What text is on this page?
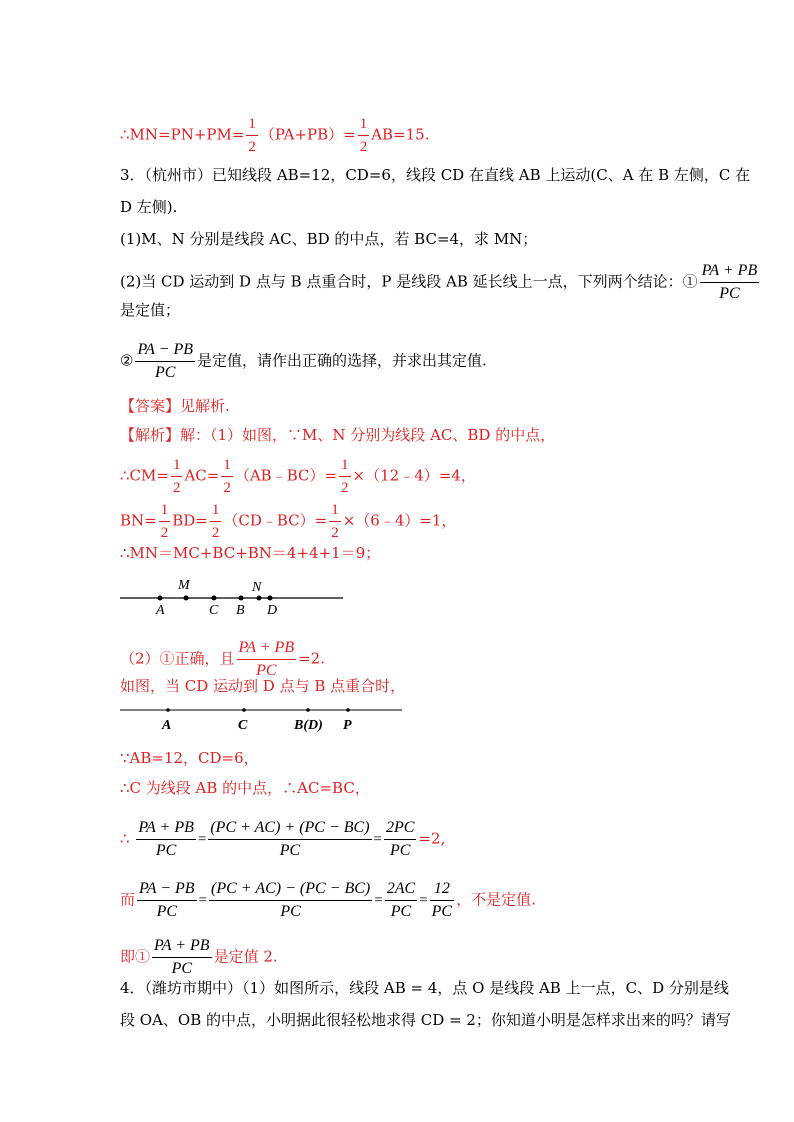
∴MN=PN+PM= $\frac{1}{2} (PA+PB)= \frac{1}{2} AB=15$.
3．（杭州市）已知线段 AB=12，CD=6，线段 CD 在直线 AB 上运动(C、A 在 B 左侧，C 在
D 左侧).
(1)M、N 分别是线段 AC、BD 的中点，若 BC=4，求 MN；
(2)当 CD 运动到 D 点与 B 点重合时，P 是线段 AB 延长线上一点，下列两个结论：① $\frac{PA + PB}{PC}$
是定值；
② $\frac{PA - PB}{PC}$ 是定值，请作出正确的选择，并求出其定值.
【答案】见解析.
【解析】解：（1）如图，∵M、N 分别为线段 AC、BD 的中点，
∴CM= $\frac{1}{2} AC= \frac{1}{2}$ （AB﹣BC）= $\frac{1}{2}$ ×（12﹣4）=4，
$BN= \frac{1}{2} BD= \frac{1}{2}$ （CD﹣BC）= $\frac{1}{2}$ ×（6﹣4）=1，
∴MN＝MC+BC+BN＝4+4+1＝9；
A
M
C B
N
D
（2）①正确，且 $\frac{PA + PB}{PC} =2$.
如图，当 CD 运动到 D 点与 B 点重合时，
A	C	B(D) P
∵AB=12，CD=6，
∴C 为线段 AB 的中点，∴AC=BC，
∴ $\frac{PA + PB}{PC} = \frac{(PC + AC) + (PC - BC)}{PC} = \frac{2PC}{PC} =2$,
而 $\frac{PA - PB}{PC} = \frac{(PC + AC) - (PC - BC)}{PC} = \frac{2AC}{PC} = \frac{12}{PC}$ ，不是定值.
即① $\frac{PA + PB}{PC}$ 是定值 2.
4．（潍坊市期中）（1）如图所示，线段 AB = 4，点 O 是线段 AB 上一点，C、D 分别是线
段 OA、OB 的中点，小明据此很轻松地求得 CD = 2；你知道小明是怎样求出来的吗？请写
